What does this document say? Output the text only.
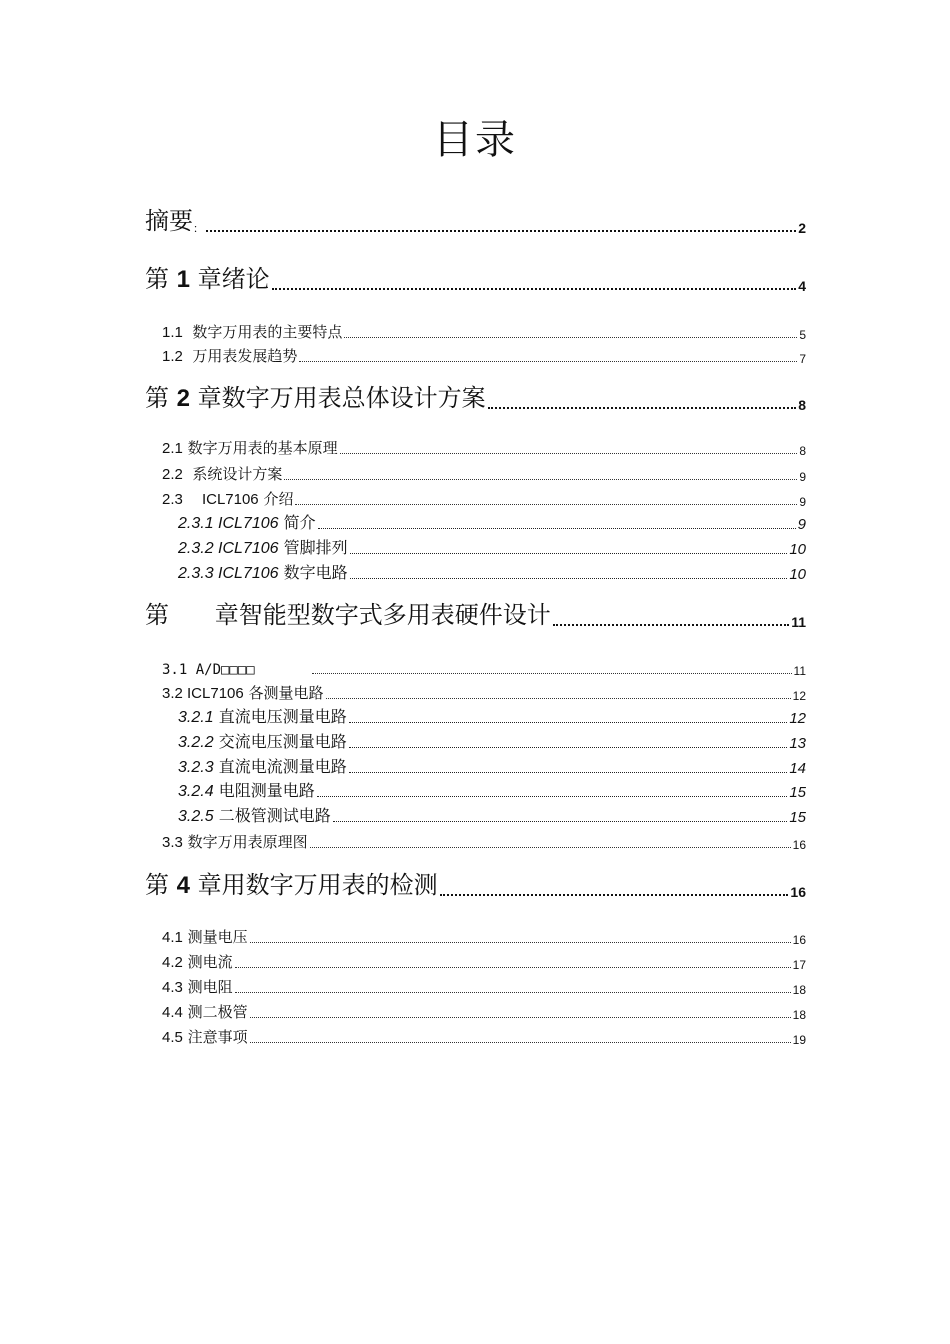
目录
摘要：	2
第 1 章绪论	4
1.1 数字万用表的主要特点	5
1.2 万用表发展趋势	7
第 2 章数字万用表总体设计方案	8
2.1 数字万用表的基本原理	8
2.2 系统设计方案	9
2.3 ICL7106 介绍	9
2.3.1 ICL7106 简介	9
2.3.2 ICL7106 管脚排列	10
2.3.3 ICL7106 数字电路	10
第 章智能型数字式多用表硬件设计	11
3.1 A/D□□□□	11
3.2 ICL7106 各测量电路	12
3.2.1 直流电压测量电路	12
3.2.2 交流电压测量电路	13
3.2.3 直流电流测量电路	14
3.2.4 电阻测量电路	15
3.2.5 二极管测试电路	15
3.3 数字万用表原理图	16
第 4 章用数字万用表的检测	16
4.1 测量电压	16
4.2 测电流	17
4.3 测电阻	18
4.4 测二极管	18
4.5 注意事项	19
